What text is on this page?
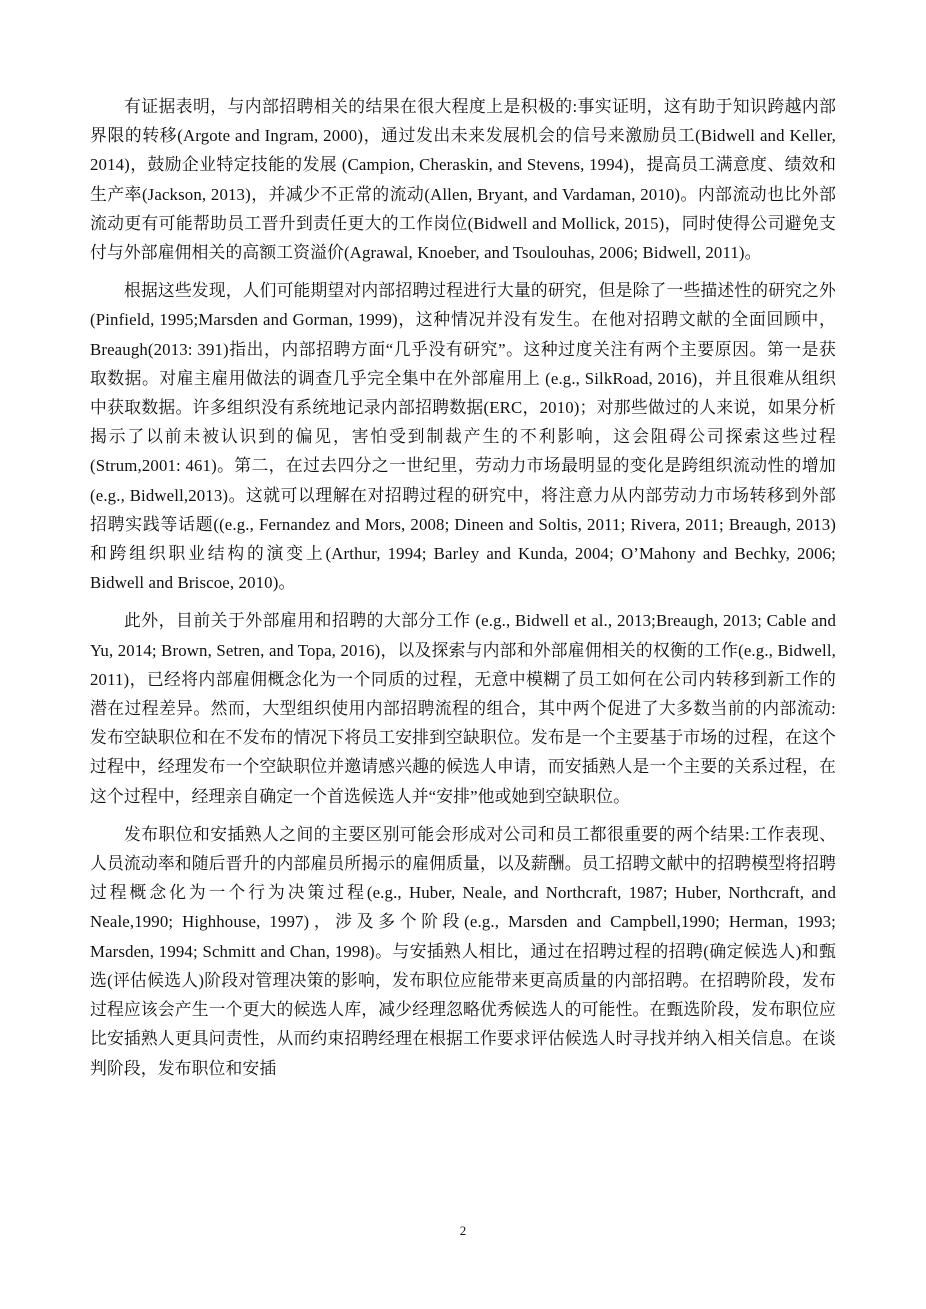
有证据表明，与内部招聘相关的结果在很大程度上是积极的:事实证明，这有助于知识跨越内部界限的转移(Argote and Ingram, 2000)，通过发出未来发展机会的信号来激励员工(Bidwell and Keller, 2014)，鼓励企业特定技能的发展 (Campion, Cheraskin, and Stevens, 1994)，提高员工满意度、绩效和生产率(Jackson, 2013)，并减少不正常的流动(Allen, Bryant, and Vardaman, 2010)。内部流动也比外部流动更有可能帮助员工晋升到责任更大的工作岗位(Bidwell and Mollick, 2015)，同时使得公司避免支付与外部雇佣相关的高额工资溢价(Agrawal, Knoeber, and Tsoulouhas, 2006; Bidwell, 2011)。

根据这些发现，人们可能期望对内部招聘过程进行大量的研究，但是除了一些描述性的研究之外(Pinfield, 1995;Marsden and Gorman, 1999)，这种情况并没有发生。在他对招聘文献的全面回顾中，Breaugh(2013: 391)指出，内部招聘方面“几乎没有研究”。这种过度关注有两个主要原因。第一是获取数据。对雇主雇用做法的调查几乎完全集中在外部雇用上 (e.g., SilkRoad, 2016)，并且很难从组织中获取数据。许多组织没有系统地记录内部招聘数据(ERC，2010)；对那些做过的人来说，如果分析揭示了以前未被认识到的偏见，害怕受到制裁产生的不利影响，这会阻碍公司探索这些过程(Strum,2001: 461)。第二，在过去四分之一世纪里，劳动力市场最明显的变化是跨组织流动性的增加(e.g., Bidwell,2013)。这就可以理解在对招聘过程的研究中，将注意力从内部劳动力市场转移到外部招聘实践等话题((e.g., Fernandez and Mors, 2008; Dineen and Soltis, 2011; Rivera, 2011; Breaugh, 2013)和跨组织职业结构的演变上(Arthur, 1994; Barley and Kunda, 2004; O’Mahony and Bechky, 2006; Bidwell and Briscoe, 2010)。

此外，目前关于外部雇用和招聘的大部分工作 (e.g., Bidwell et al., 2013;Breaugh, 2013; Cable and Yu, 2014; Brown, Setren, and Topa, 2016)，以及探索与内部和外部雇佣相关的权衡的工作(e.g., Bidwell, 2011)，已经将内部雇佣概念化为一个同质的过程，无意中模糊了员工如何在公司内转移到新工作的潜在过程差异。然而，大型组织使用内部招聘流程的组合，其中两个促进了大多数当前的内部流动:发布空缺职位和在不发布的情况下将员工安排到空缺职位。发布是一个主要基于市场的过程，在这个过程中，经理发布一个空缺职位并邀请感兴趣的候选人申请，而安插熟人是一个主要的关系过程，在这个过程中，经理亲自确定一个首选候选人并“安排”他或她到空缺职位。

发布职位和安插熟人之间的主要区别可能会形成对公司和员工都很重要的两个结果:工作表现、人员流动率和随后晋升的内部雇员所揭示的雇佣质量，以及薪酬。员工招聘文献中的招聘模型将招聘过程概念化为一个行为决策过程(e.g., Huber, Neale, and Northcraft, 1987; Huber, Northcraft, and Neale,1990; Highhouse, 1997)，涉及多个阶段(e.g., Marsden and Campbell,1990; Herman, 1993; Marsden, 1994; Schmitt and Chan, 1998)。与安插熟人相比，通过在招聘过程的招聘(确定候选人)和甄选(评估候选人)阶段对管理决策的影响，发布职位应能带来更高质量的内部招聘。在招聘阶段，发布过程应该会产生一个更大的候选人库，减少经理忽略优秀候选人的可能性。在甄选阶段，发布职位应比安插熟人更具问责性，从而约束招聘经理在根据工作要求评估候选人时寻找并纳入相关信息。在谈判阶段，发布职位和安插

2
